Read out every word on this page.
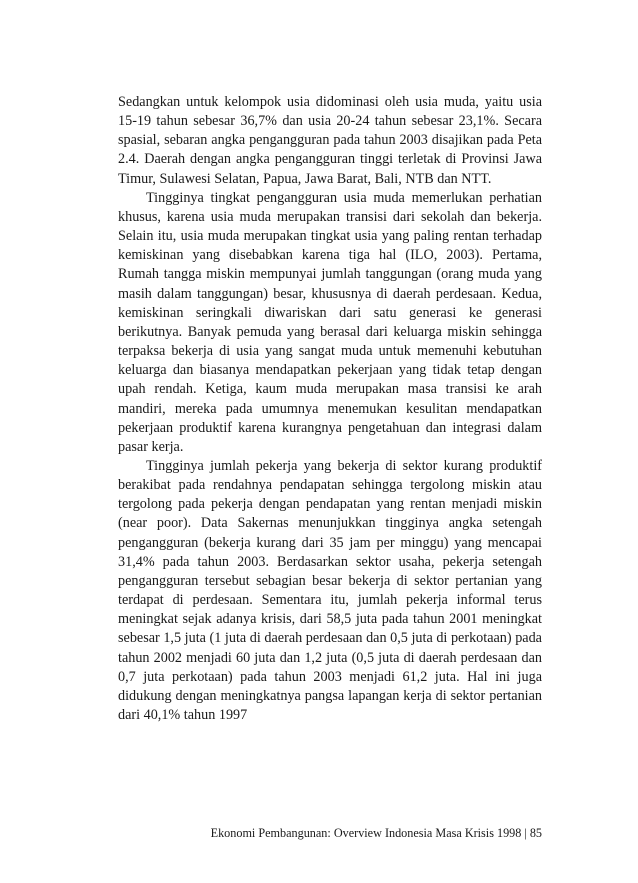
Sedangkan untuk kelompok usia didominasi oleh usia muda, yaitu usia 15-19 tahun sebesar 36,7% dan usia 20-24 tahun sebesar 23,1%. Secara spasial, sebaran angka pengangguran pada tahun 2003 disajikan pada Peta 2.4. Daerah dengan angka pengangguran tinggi terletak di Provinsi Jawa Timur, Sulawesi Selatan, Papua, Jawa Barat, Bali, NTB dan NTT.

Tingginya tingkat pengangguran usia muda memerlukan perhatian khusus, karena usia muda merupakan transisi dari sekolah dan bekerja. Selain itu, usia muda merupakan tingkat usia yang paling rentan terhadap kemiskinan yang disebabkan karena tiga hal (ILO, 2003). Pertama, Rumah tangga miskin mempunyai jumlah tanggungan (orang muda yang masih dalam tanggungan) besar, khususnya di daerah perdesaan. Kedua, kemiskinan seringkali diwariskan dari satu generasi ke generasi berikutnya. Banyak pemuda yang berasal dari keluarga miskin sehingga terpaksa bekerja di usia yang sangat muda untuk memenuhi kebutuhan keluarga dan biasanya mendapatkan pekerjaan yang tidak tetap dengan upah rendah. Ketiga, kaum muda merupakan masa transisi ke arah mandiri, mereka pada umumnya menemukan kesulitan mendapatkan pekerjaan produktif karena kurangnya pengetahuan dan integrasi dalam pasar kerja.

Tingginya jumlah pekerja yang bekerja di sektor kurang produktif berakibat pada rendahnya pendapatan sehingga tergolong miskin atau tergolong pada pekerja dengan pendapatan yang rentan menjadi miskin (near poor). Data Sakernas menunjukkan tingginya angka setengah pengangguran (bekerja kurang dari 35 jam per minggu) yang mencapai 31,4% pada tahun 2003. Berdasarkan sektor usaha, pekerja setengah pengangguran tersebut sebagian besar bekerja di sektor pertanian yang terdapat di perdesaan. Sementara itu, jumlah pekerja informal terus meningkat sejak adanya krisis, dari 58,5 juta pada tahun 2001 meningkat sebesar 1,5 juta (1 juta di daerah perdesaan dan 0,5 juta di perkotaan) pada tahun 2002 menjadi 60 juta dan 1,2 juta (0,5 juta di daerah perdesaan dan 0,7 juta perkotaan) pada tahun 2003 menjadi 61,2 juta. Hal ini juga didukung dengan meningkatnya pangsa lapangan kerja di sektor pertanian dari 40,1% tahun 1997

Ekonomi Pembangunan: Overview Indonesia Masa Krisis 1998 | 85
